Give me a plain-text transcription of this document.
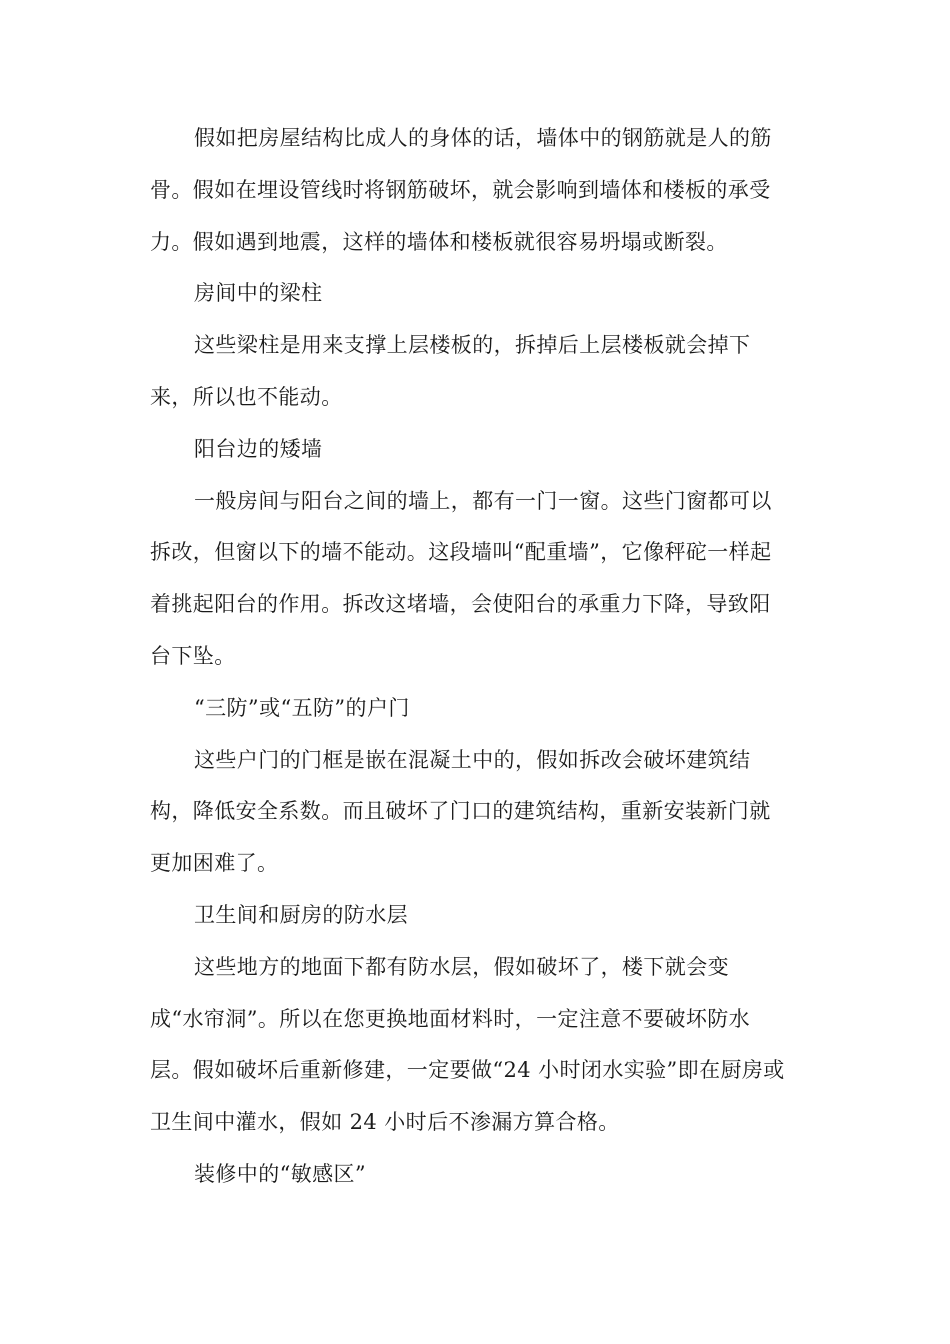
假如把房屋结构比成人的身体的话，墙体中的钢筋就是人的筋
骨。假如在埋设管线时将钢筋破坏，就会影响到墙体和楼板的承受
力。假如遇到地震，这样的墙体和楼板就很容易坍塌或断裂。
房间中的梁柱
这些梁柱是用来支撑上层楼板的，拆掉后上层楼板就会掉下
来，所以也不能动。
阳台边的矮墙
一般房间与阳台之间的墙上，都有一门一窗。这些门窗都可以
拆改，但窗以下的墙不能动。这段墙叫“配重墙”，它像秤砣一样起
着挑起阳台的作用。拆改这堵墙，会使阳台的承重力下降，导致阳
台下坠。
“三防”或“五防”的户门
这些户门的门框是嵌在混凝土中的，假如拆改会破坏建筑结
构，降低安全系数。而且破坏了门口的建筑结构，重新安装新门就
更加困难了。
卫生间和厨房的防水层
这些地方的地面下都有防水层，假如破坏了，楼下就会变
成“水帘洞”。所以在您更换地面材料时，一定注意不要破坏防水
层。假如破坏后重新修建，一定要做“24 小时闭水实验”即在厨房或
卫生间中灌水，假如 24 小时后不渗漏方算合格。
装修中的“敏感区”
